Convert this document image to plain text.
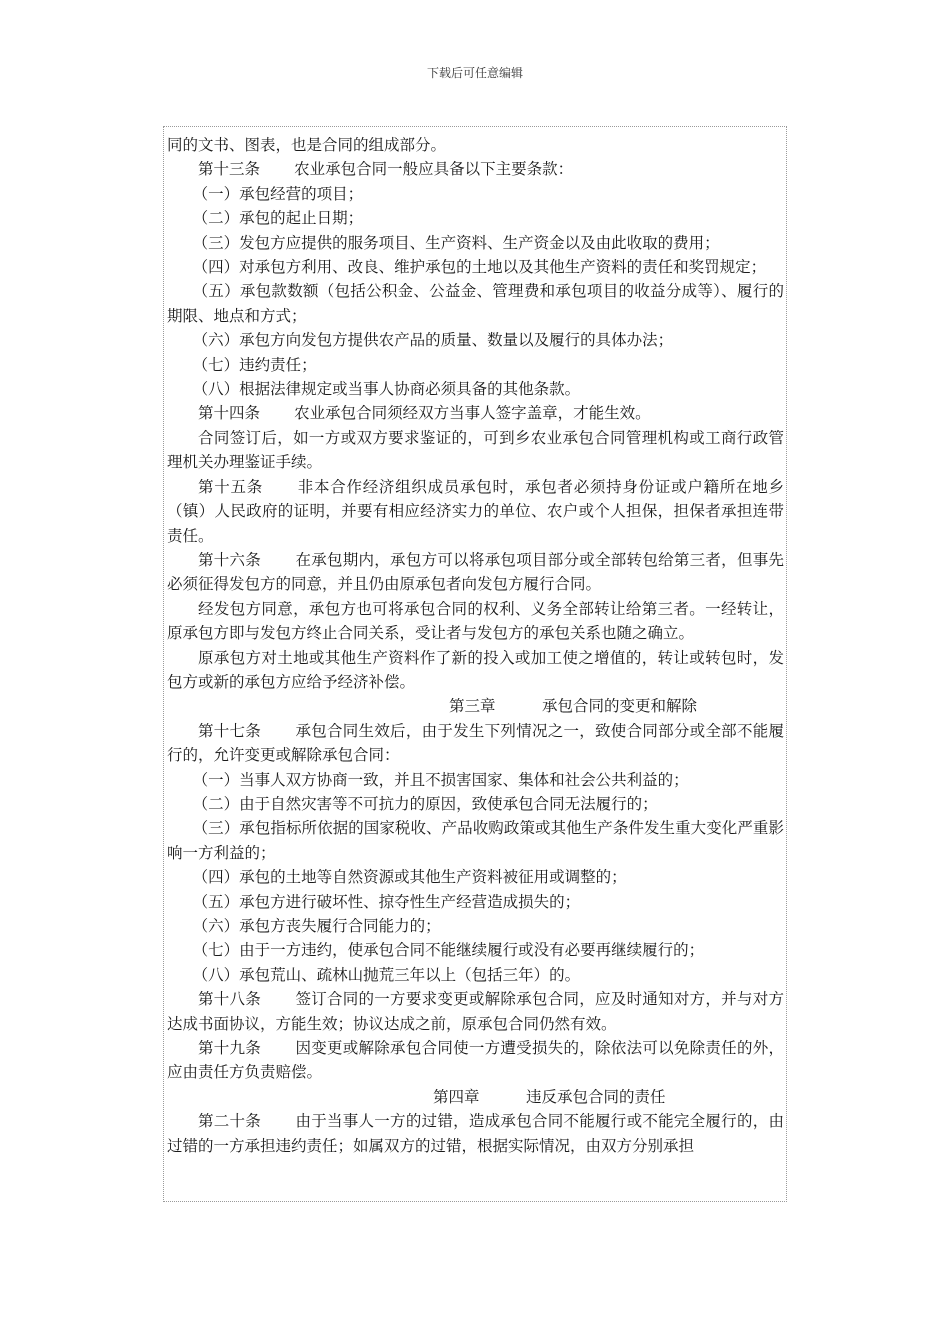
下载后可任意编辑

同的文书、图表，也是合同的组成部分。

第十三条 农业承包合同一般应具备以下主要条款：

（一）承包经营的项目；

（二）承包的起止日期；

（三）发包方应提供的服务项目、生产资料、生产资金以及由此收取的费用；

（四）对承包方利用、改良、维护承包的土地以及其他生产资料的责任和奖罚规定；

（五）承包款数额（包括公积金、公益金、管理费和承包项目的收益分成等）、履行的期限、地点和方式；

（六）承包方向发包方提供农产品的质量、数量以及履行的具体办法；

（七）违约责任；

（八）根据法律规定或当事人协商必须具备的其他条款。

第十四条 农业承包合同须经双方当事人签字盖章，才能生效。

合同签订后，如一方或双方要求鉴证的，可到乡农业承包合同管理机构或工商行政管理机关办理鉴证手续。

第十五条 非本合作经济组织成员承包时，承包者必须持身份证或户籍所在地乡（镇）人民政府的证明，并要有相应经济实力的单位、农户或个人担保，担保者承担连带责任。

第十六条 在承包期内，承包方可以将承包项目部分或全部转包给第三者，但事先必须征得发包方的同意，并且仍由原承包者向发包方履行合同。

经发包方同意，承包方也可将承包合同的权利、义务全部转让给第三者。一经转让，原承包方即与发包方终止合同关系，受让者与发包方的承包关系也随之确立。

原承包方对土地或其他生产资料作了新的投入或加工使之增值的，转让或转包时，发包方或新的承包方应给予经济补偿。

第三章	承包合同的变更和解除

第十七条 承包合同生效后，由于发生下列情况之一，致使合同部分或全部不能履行的，允许变更或解除承包合同：

（一）当事人双方协商一致，并且不损害国家、集体和社会公共利益的；

（二）由于自然灾害等不可抗力的原因，致使承包合同无法履行的；

（三）承包指标所依据的国家税收、产品收购政策或其他生产条件发生重大变化严重影响一方利益的；

（四）承包的土地等自然资源或其他生产资料被征用或调整的；

（五）承包方进行破坏性、掠夺性生产经营造成损失的；

（六）承包方丧失履行合同能力的；

（七）由于一方违约，使承包合同不能继续履行或没有必要再继续履行的；

（八）承包荒山、疏林山抛荒三年以上（包括三年）的。

第十八条 签订合同的一方要求变更或解除承包合同，应及时通知对方，并与对方达成书面协议，方能生效；协议达成之前，原承包合同仍然有效。

第十九条 因变更或解除承包合同使一方遭受损失的，除依法可以免除责任的外，应由责任方负责赔偿。

第四章	违反承包合同的责任

第二十条 由于当事人一方的过错，造成承包合同不能履行或不能完全履行的，由过错的一方承担违约责任；如属双方的过错，根据实际情况，由双方分别承担
